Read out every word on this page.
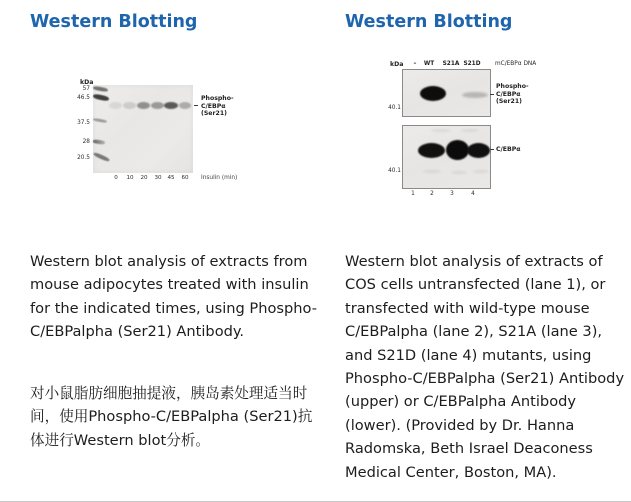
Western Blotting	Western Blotting
kDa
57
46.5
37.5
28
20.5
Phospho-
C/EBPα
(Ser21)
0	10	20	30	45	60	Insulin (min)
kDa	–	WT	S21A S21D	mC/EBPα DNA
40.1
Phospho-
C/EBPα
(Ser21)
40.1
C/EBPα
1	2	3	4

Western blot analysis of extracts from mouse adipocytes treated with insulin for the indicated times, using Phospho-C/EBPalpha (Ser21) Antibody.

对小鼠脂肪细胞抽提液，胰岛素处理适当时间，使用Phospho-C/EBPalpha (Ser21)抗体进行Western blot分析。

Western blot analysis of extracts of COS cells untransfected (lane 1), or transfected with wild-type mouse C/EBPalpha (lane 2), S21A (lane 3), and S21D (lane 4) mutants, using Phospho-C/EBPalpha (Ser21) Antibody (upper) or C/EBPalpha Antibody (lower). (Provided by Dr. Hanna Radomska, Beth Israel Deaconess Medical Center, Boston, MA).
